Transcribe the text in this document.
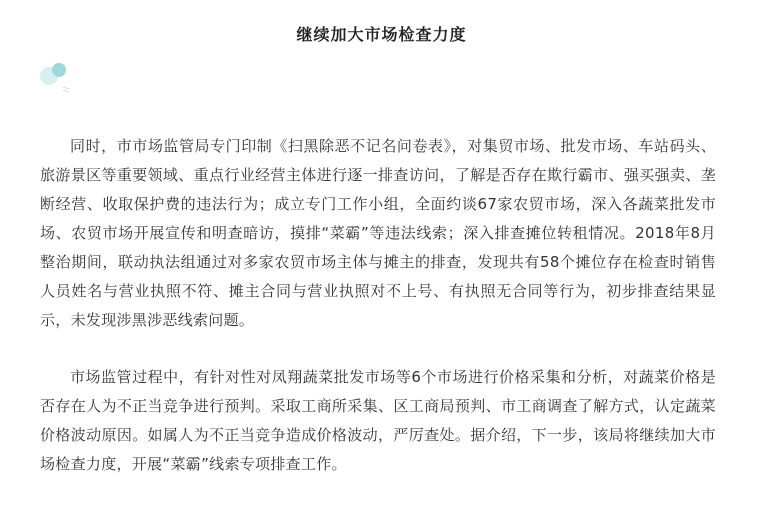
继续加大市场检查力度

同时，市市场监管局专门印制《扫黑除恶不记名问卷表》，对集贸市场、批发市场、车站码头、旅游景区等重要领域、重点行业经营主体进行逐一排查访问，了解是否存在欺行霸市、强买强卖、垄断经营、收取保护费的违法行为；成立专门工作小组，全面约谈67家农贸市场，深入各蔬菜批发市场、农贸市场开展宣传和明查暗访，摸排“菜霸”等违法线索；深入排查摊位转租情况。2018年8月整治期间，联动执法组通过对多家农贸市场主体与摊主的排查，发现共有58个摊位存在检查时销售人员姓名与营业执照不符、摊主合同与营业执照对不上号、有执照无合同等行为，初步排查结果显示，未发现涉黑涉恶线索问题。

市场监管过程中，有针对性对凤翔蔬菜批发市场等6个市场进行价格采集和分析，对蔬菜价格是否存在人为不正当竞争进行预判。采取工商所采集、区工商局预判、市工商调查了解方式，认定蔬菜价格波动原因。如属人为不正当竞争造成价格波动，严厉查处。据介绍，下一步，该局将继续加大市场检查力度，开展“菜霸”线索专项排查工作。
